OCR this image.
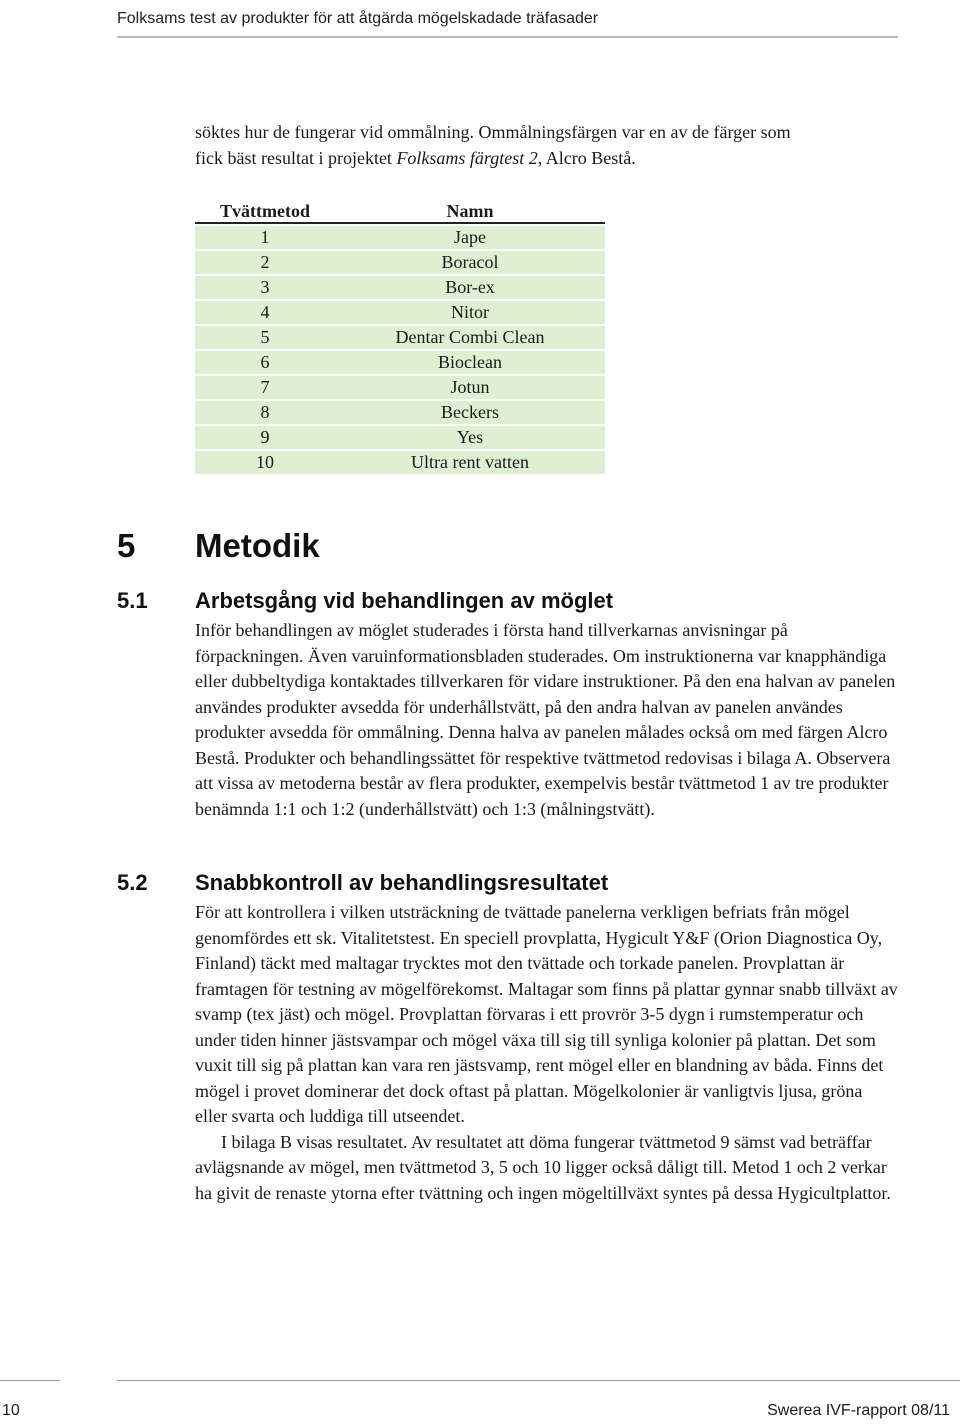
Folksams test av produkter för att åtgärda mögelskadade träfasader

söktes hur de fungerar vid ommålning. Ommålningsfärgen var en av de färger som
fick bäst resultat i projektet Folksams färgtest 2, Alcro Bestå.

Tvättmetod	Namn
1	Jape
2	Boracol
3	Bor-ex
4	Nitor
5	Dentar Combi Clean
6	Bioclean
7	Jotun
8	Beckers
9	Yes
10	Ultra rent vatten
5 Metodik
5.1 Arbetsgång vid behandlingen av möglet

Inför behandlingen av möglet studerades i första hand tillverkarnas anvisningar på förpackningen. Även varuinformationsbladen studerades. Om instruktionerna var knapphändiga eller dubbeltydiga kontaktades tillverkaren för vidare instruktioner. På den ena halvan av panelen användes produkter avsedda för underhållstvätt, på den andra halvan av panelen användes produkter avsedda för ommålning. Denna halva av panelen målades också om med färgen Alcro Bestå. Produkter och behandlingssättet för respektive tvättmetod redovisas i bilaga A. Observera att vissa av metoderna består av flera produkter, exempelvis består tvättmetod 1 av tre produkter benämnda 1:1 och 1:2 (underhållstvätt) och 1:3 (målningstvätt).

5.2 Snabbkontroll av behandlingsresultatet

För att kontrollera i vilken utsträckning de tvättade panelerna verkligen befriats från mögel genomfördes ett sk. Vitalitetstest. En speciell provplatta, Hygicult Y&F (Orion Diagnostica Oy, Finland) täckt med maltagar trycktes mot den tvättade och torkade panelen. Provplattan är framtagen för testning av mögelförekomst. Maltagar som finns på plattar gynnar snabb tillväxt av svamp (tex jäst) och mögel. Provplattan förvaras i ett provrör 3-5 dygn i rumstemperatur och under tiden hinner jästsvampar och mögel växa till sig till synliga kolonier på plattan. Det som vuxit till sig på plattan kan vara ren jästsvamp, rent mögel eller en blandning av båda. Finns det mögel i provet dominerar det dock oftast på plattan. Mögelkolonier är vanligtvis ljusa, gröna eller svarta och luddiga till utseendet.

I bilaga B visas resultatet. Av resultatet att döma fungerar tvättmetod 9 sämst vad beträffar avlägsnande av mögel, men tvättmetod 3, 5 och 10 ligger också dåligt till. Metod 1 och 2 verkar ha givit de renaste ytorna efter tvättning och ingen mögeltillväxt syntes på dessa Hygicultplattor.

10	Swerea IVF-rapport 08/11
